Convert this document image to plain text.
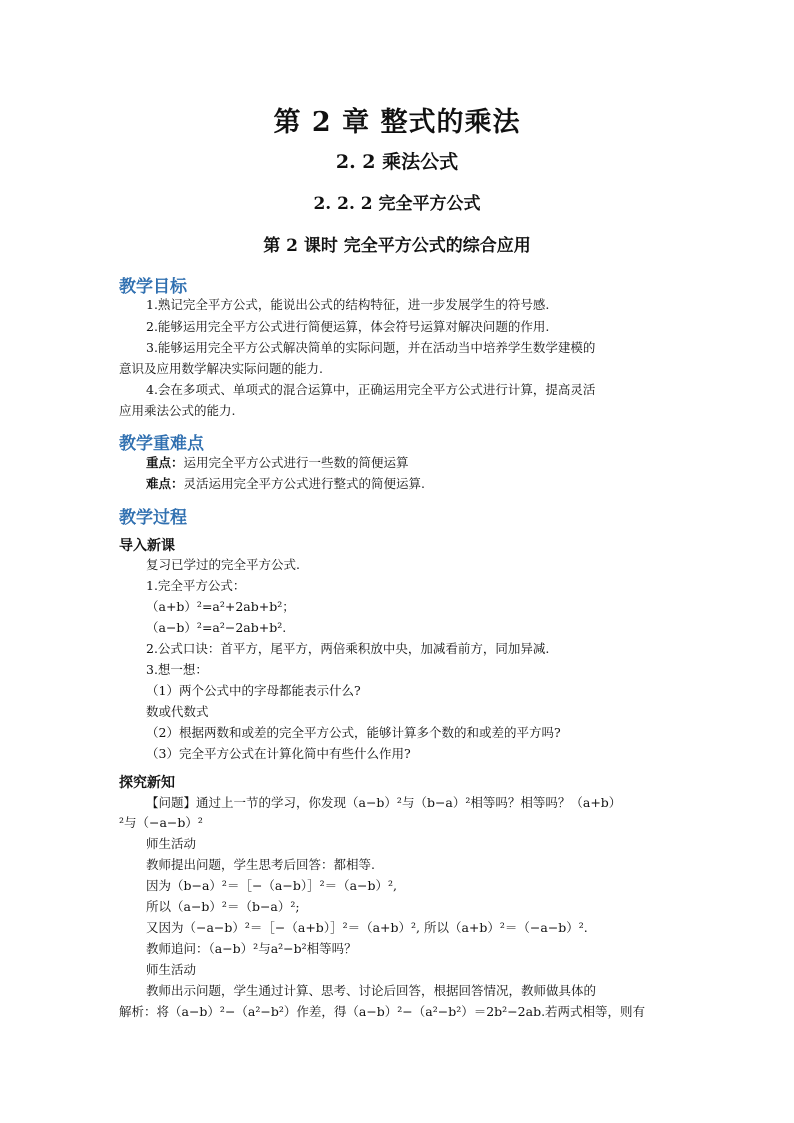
第 2 章 整式的乘法
2. 2 乘法公式
2. 2. 2 完全平方公式
第 2 课时 完全平方公式的综合应用
教学目标
1.熟记完全平方公式，能说出公式的结构特征，进一步发展学生的符号感.
2.能够运用完全平方公式进行简便运算，体会符号运算对解决问题的作用.
3.能够运用完全平方公式解决简单的实际问题，并在活动当中培养学生数学建模的
意识及应用数学解决实际问题的能力.
4.会在多项式、单项式的混合运算中，正确运用完全平方公式进行计算，提高灵活
应用乘法公式的能力.
教学重难点
重点：运用完全平方公式进行一些数的简便运算
难点：灵活运用完全平方公式进行整式的简便运算.
教学过程
导入新课
复习已学过的完全平方公式.
1.完全平方公式：
（a+b）²=a²+2ab+b²；
（a−b）²=a²−2ab+b².
2.公式口诀：首平方，尾平方，两倍乘积放中央，加减看前方，同加异减.
3.想一想：
（1）两个公式中的字母都能表示什么?
数或代数式
（2）根据两数和或差的完全平方公式，能够计算多个数的和或差的平方吗?
（3）完全平方公式在计算化简中有些什么作用?
探究新知
【问题】通过上一节的学习，你发现（a−b）²与（b−a）²相等吗？相等吗？（a+b）
²与（−a−b）²
师生活动
教师提出问题，学生思考后回答：都相等.
因为（b−a）²＝［−（a−b）］²＝（a−b）²,
所以（a−b）²＝（b−a）²;
又因为（−a−b）²＝［−（a+b）］²＝（a+b）², 所以（a+b）²＝（−a−b）².
教师追问：（a−b）²与a²−b²相等吗？
师生活动
教师出示问题，学生通过计算、思考、讨论后回答，根据回答情况，教师做具体的
解析：将（a−b）²−（a²−b²）作差，得（a−b）²−（a²−b²）＝2b²−2ab.若两式相等，则有
